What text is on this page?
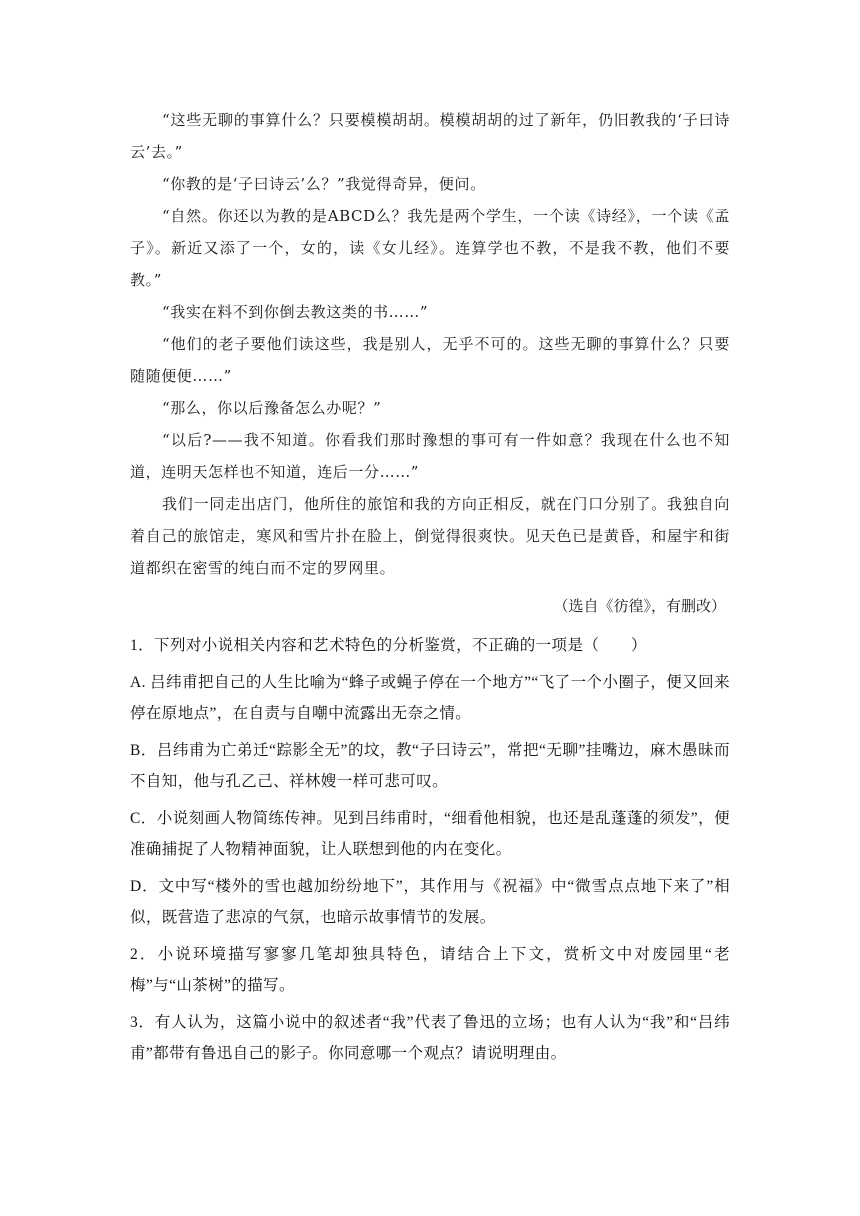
“这些无聊的事算什么？只要模模胡胡。模模胡胡的过了新年，仍旧教我的‘子曰诗云’去。”

“你教的是‘子曰诗云’么？”我觉得奇异，便问。

“自然。你还以为教的是ABCD么？我先是两个学生，一个读《诗经》，一个读《孟子》。新近又添了一个，女的，读《女儿经》。连算学也不教，不是我不教，他们不要教。”

“我实在料不到你倒去教这类的书……”

“他们的老子要他们读这些，我是别人，无乎不可的。这些无聊的事算什么？只要随随便便……”

“那么，你以后豫备怎么办呢？”

“以后?——我不知道。你看我们那时豫想的事可有一件如意？我现在什么也不知道，连明天怎样也不知道，连后一分……”

我们一同走出店门，他所住的旅馆和我的方向正相反，就在门口分别了。我独自向着自己的旅馆走，寒风和雪片扑在脸上，倒觉得很爽快。见天色已是黄昏，和屋宇和街道都织在密雪的纯白而不定的罗网里。

（选自《彷徨》，有删改）

1．下列对小说相关内容和艺术特色的分析鉴赏，不正确的一项是（　　）

A. 吕纬甫把自己的人生比喻为“蜂子或蝇子停在一个地方”“飞了一个小圈子，便又回来停在原地点”，在自责与自嘲中流露出无奈之情。

B．吕纬甫为亡弟迁“踪影全无”的坟，教“子曰诗云”，常把“无聊”挂嘴边，麻木愚昧而不自知，他与孔乙己、祥林嫂一样可悲可叹。

C．小说刻画人物简练传神。见到吕纬甫时，“细看他相貌，也还是乱蓬蓬的须发”，便准确捕捉了人物精神面貌，让人联想到他的内在变化。

D．文中写“楼外的雪也越加纷纷地下”，其作用与《祝福》中“微雪点点地下来了”相似，既营造了悲凉的气氛，也暗示故事情节的发展。

2．小说环境描写寥寥几笔却独具特色，请结合上下文，赏析文中对废园里“老梅”与“山茶树”的描写。

3．有人认为，这篇小说中的叙述者“我”代表了鲁迅的立场；也有人认为“我”和“吕纬甫”都带有鲁迅自己的影子。你同意哪一个观点？请说明理由。
